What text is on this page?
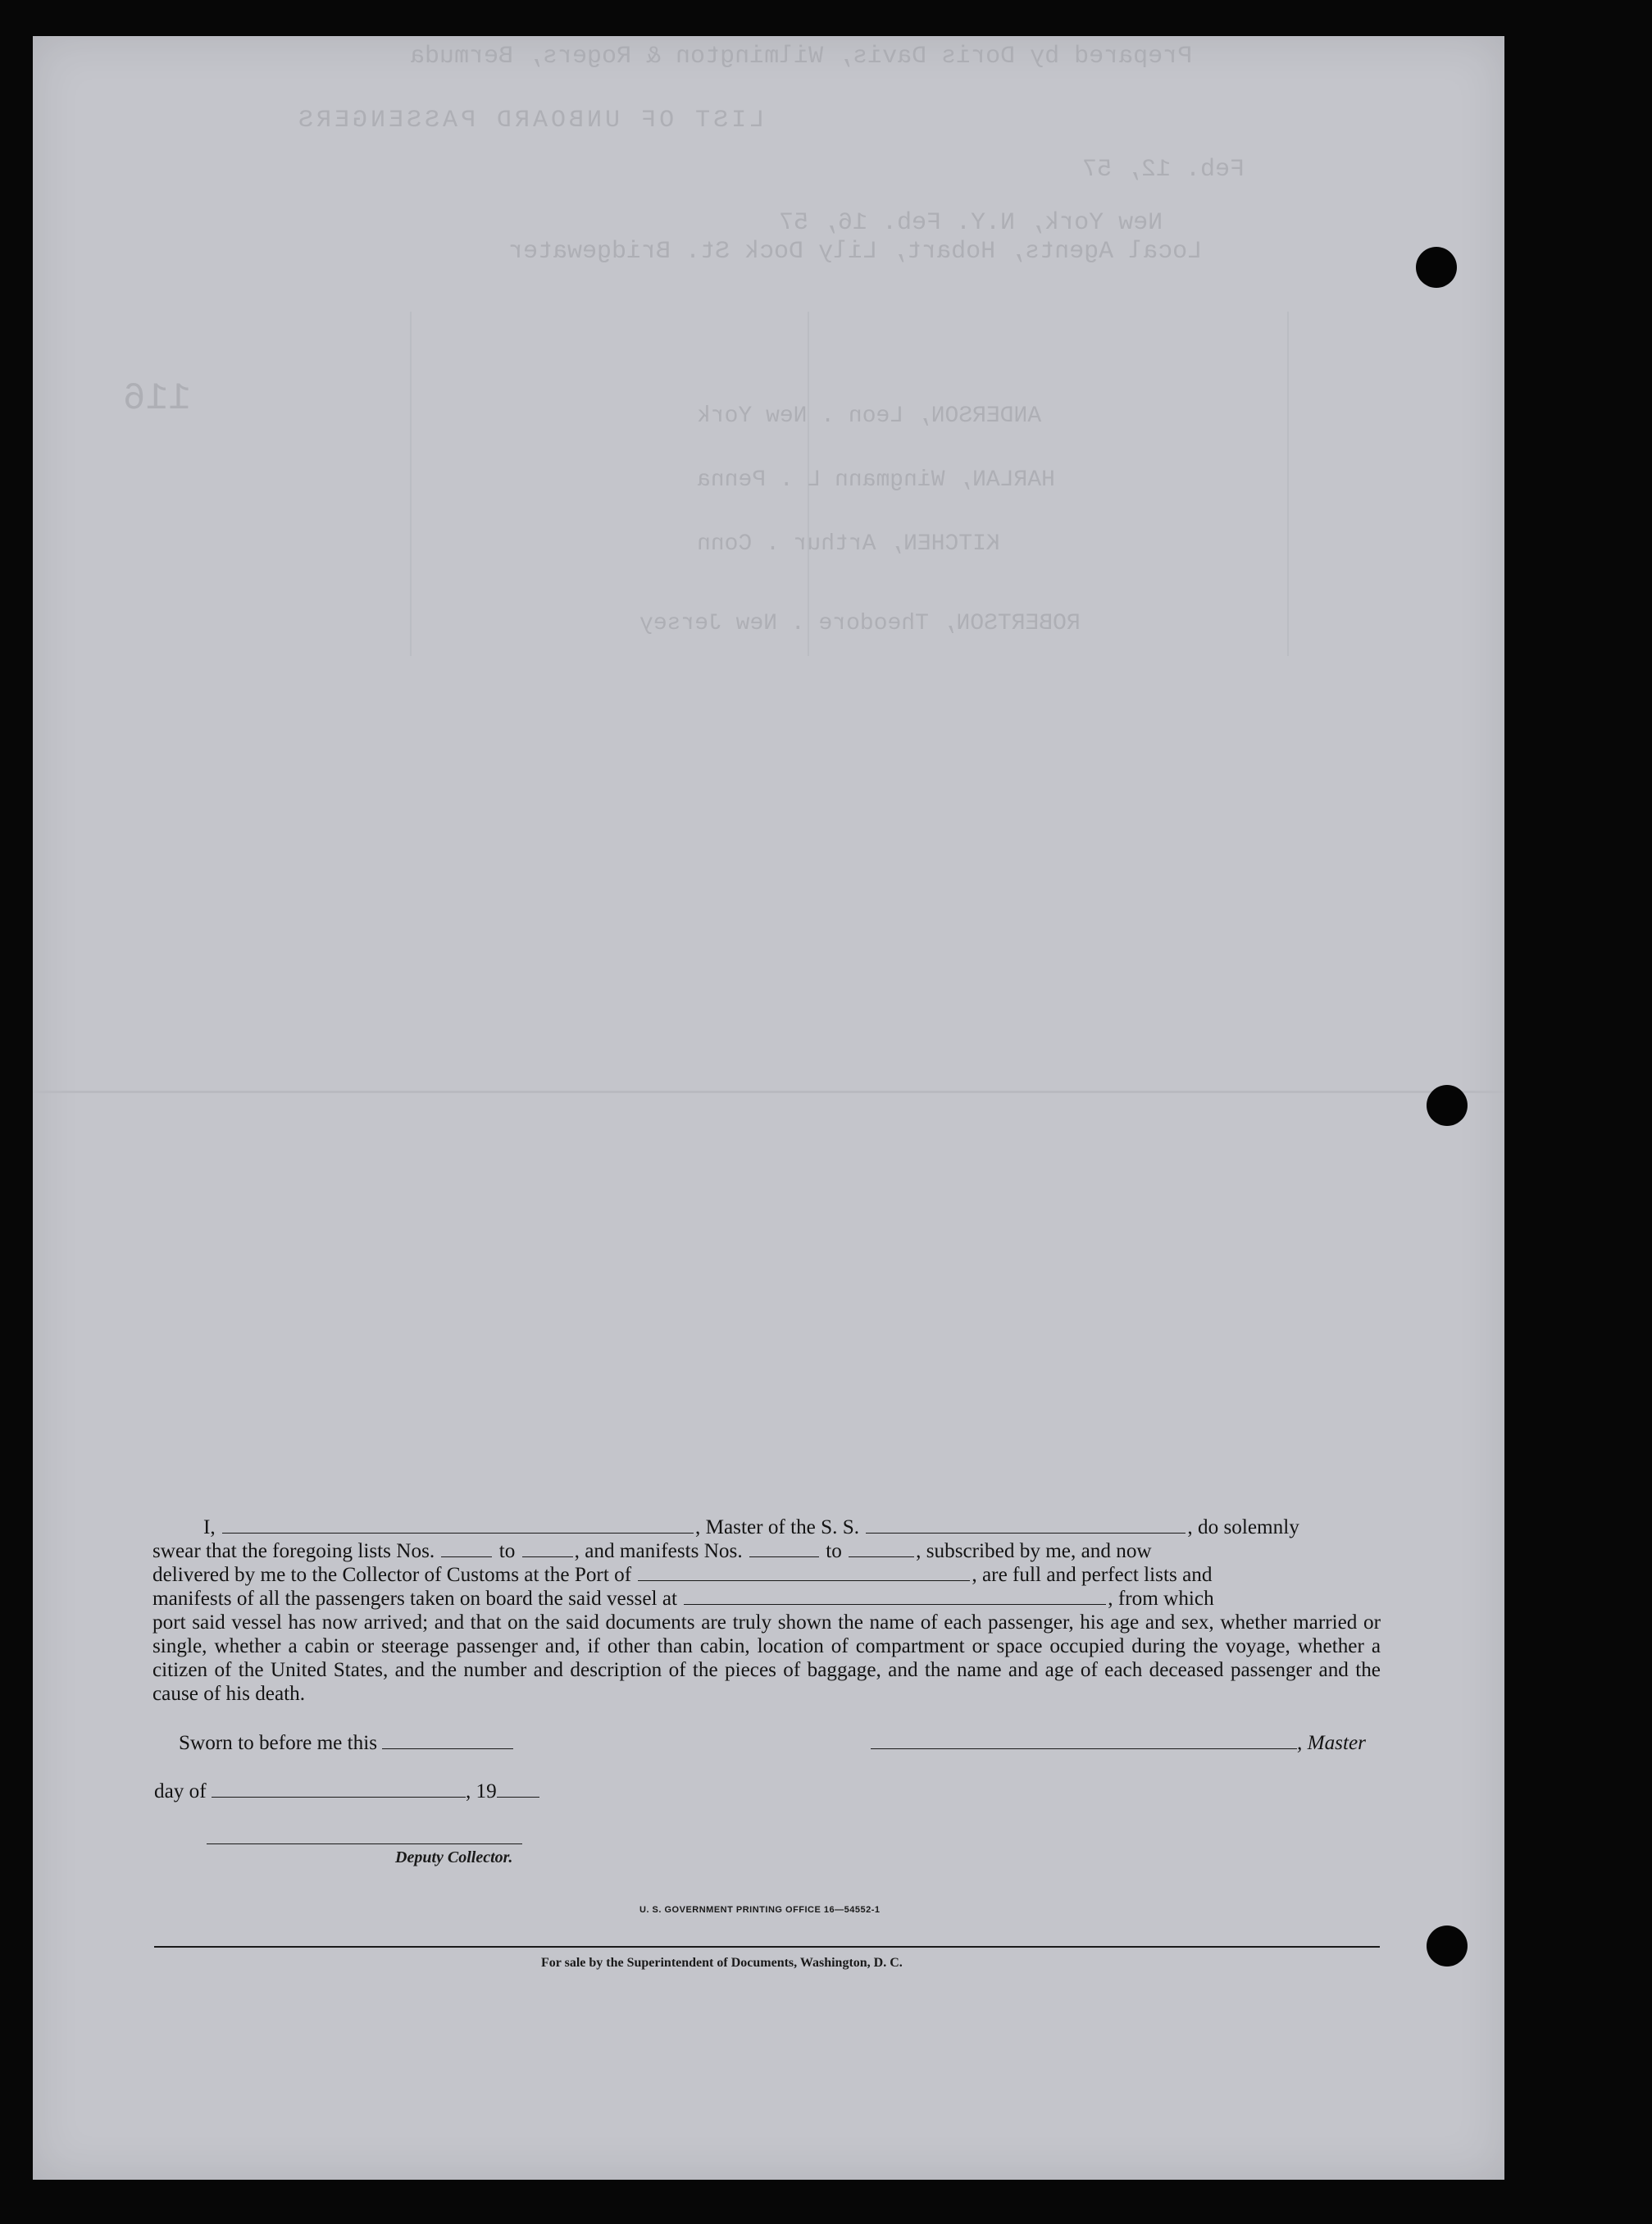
Prepared by Doris Davis, Wilmington & Rogers, Bermuda
LIST OF UNBOARD PASSENGERS
Feb. 12, 57
New York, N.Y. Feb. 16, 57
Local Agents, Hobart, Lily Dock St. Bridgewater
116	ANDERSON, Leon . New York
HARLAN, Wingmann L . Penna
KITCHEN, Arthur . Conn
ROBERTSON, Theodore . New Jersey

I,	, Master of the S. S.	, do solemnly

swear that the foregoing lists Nos.	to	, and manifests Nos.	to	, subscribed by me, and now
delivered by me to the Collector of Customs at the Port of	, are full and perfect lists and
manifests of all the passengers taken on board the said vessel at	, from which
port said vessel has now arrived; and that on the said documents are truly shown the name of each passenger, his age and sex, whether married or single, whether a cabin or steerage passenger and, if other than cabin, location of compartment or space occupied during the voyage, whether a citizen of the United States, and the number and description of the pieces of baggage, and the name and age of each deceased passenger and the cause of his death.
Sworn to before me this	, Master
day of	, 19
Deputy Collector.
U. S. GOVERNMENT PRINTING OFFICE 16—54552-1
For sale by the Superintendent of Documents, Washington, D. C.
